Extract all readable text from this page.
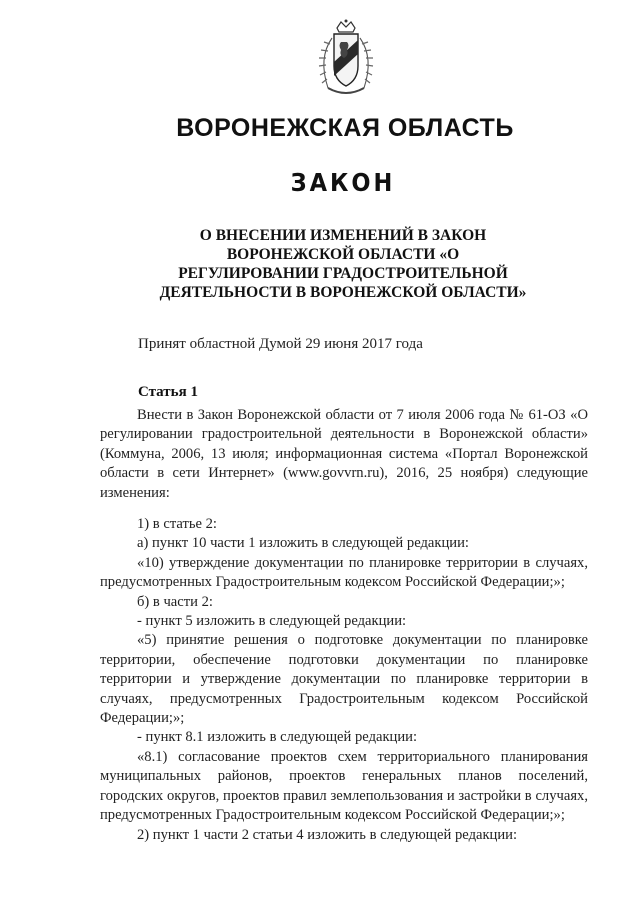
ВОРОНЕЖСКАЯ ОБЛАСТЬ
ЗАКОН
О ВНЕСЕНИИ ИЗМЕНЕНИЙ В ЗАКОН
ВОРОНЕЖСКОЙ ОБЛАСТИ «О
РЕГУЛИРОВАНИИ ГРАДОСТРОИТЕЛЬНОЙ
ДЕЯТЕЛЬНОСТИ В ВОРОНЕЖСКОЙ ОБЛАСТИ»
Принят областной Думой 29 июня 2017 года
Статья 1

Внести в Закон Воронежской области от 7 июля 2006 года № 61-ОЗ «О регулировании градостроительной деятельности в Воронежской области» (Коммуна, 2006, 13 июля; информационная система «Портал Воронежской области в сети Интернет» (www.govvrn.ru), 2016, 25 ноября) следующие изменения:

1) в статье 2:

а) пункт 10 части 1 изложить в следующей редакции:

«10) утверждение документации по планировке территории в случаях, предусмотренных Градостроительным кодексом Российской Федерации;»;

б) в части 2:

- пункт 5 изложить в следующей редакции:

«5) принятие решения о подготовке документации по планировке территории, обеспечение подготовки документации по планировке территории и утверждение документации по планировке территории в случаях, предусмотренных Градостроительным кодексом Российской Федерации;»;

- пункт 8.1 изложить в следующей редакции:

«8.1) согласование проектов схем территориального планирования муниципальных районов, проектов генеральных планов поселений, городских округов, проектов правил землепользования и застройки в случаях, предусмотренных Градостроительным кодексом Российской Федерации;»;

2) пункт 1 части 2 статьи 4 изложить в следующей редакции:
